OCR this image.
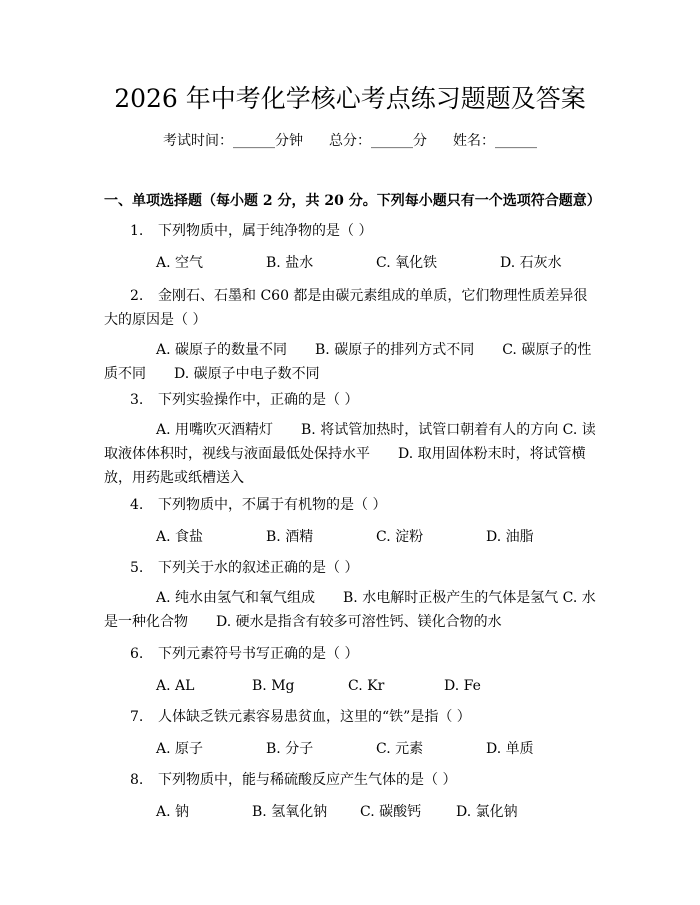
2026 年中考化学核心考点练习题题及答案
考试时间：______分钟 总分：______分 姓名：______
一、单项选择题（每小题 2 分，共 20 分。下列每小题只有一个选项符合题意）
1. 下列物质中，属于纯净物的是（ ）
A. 空气	B. 盐水	C. 氧化铁	D. 石灰水
2. 金刚石、石墨和 C60 都是由碳元素组成的单质，它们物理性质差异很大的原因是（ ）
A. 碳原子的数量不同   B. 碳原子的排列方式不同   C. 碳原子的性质不同   D. 碳原子中电子数不同
3. 下列实验操作中，正确的是（ ）
A. 用嘴吹灭酒精灯   B. 将试管加热时，试管口朝着有人的方向 C. 读取液体体积时，视线与液面最低处保持水平   D. 取用固体粉末时，将试管横放，用药匙或纸槽送入
4. 下列物质中，不属于有机物的是（ ）
A. 食盐	B. 酒精	C. 淀粉	D. 油脂
5. 下列关于水的叙述正确的是（ ）
A. 纯水由氢气和氧气组成   B. 水电解时正极产生的气体是氢气 C. 水是一种化合物   D. 硬水是指含有较多可溶性钙、镁化合物的水
6. 下列元素符号书写正确的是（ ）
A. AL	B. Mg	C. Kr	D. Fe
7. 人体缺乏铁元素容易患贫血，这里的“铁”是指（ ）
A. 原子	B. 分子	C. 元素	D. 单质
8. 下列物质中，能与稀硫酸反应产生气体的是（ ）
A. 钠	B. 氢氧化钠 C. 碳酸钙 D. 氯化钠
